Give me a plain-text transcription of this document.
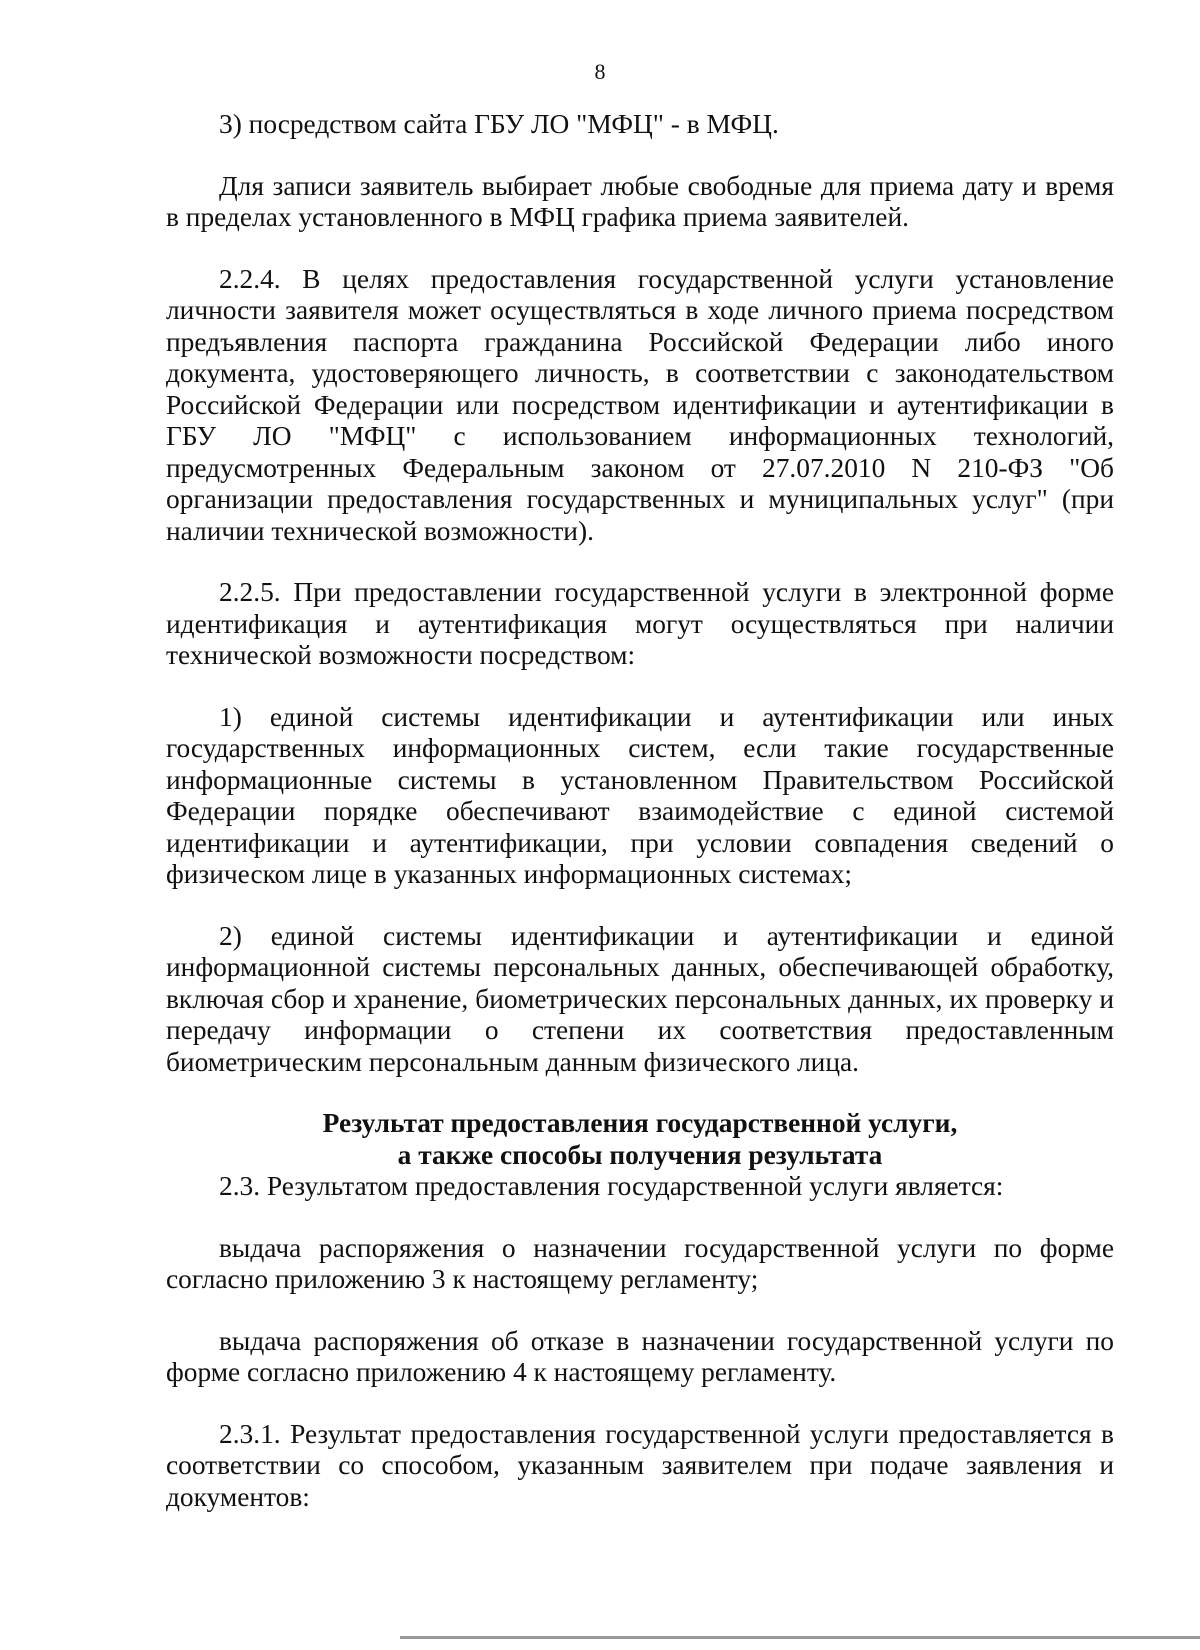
8

3) посредством сайта ГБУ ЛО "МФЦ" - в МФЦ.

Для записи заявитель выбирает любые свободные для приема дату и время в пределах установленного в МФЦ графика приема заявителей.

2.2.4. В целях предоставления государственной услуги установление личности заявителя может осуществляться в ходе личного приема посредством предъявления паспорта гражданина Российской Федерации либо иного документа, удостоверяющего личность, в соответствии с законодательством Российской Федерации или посредством идентификации и аутентификации в ГБУ ЛО "МФЦ" с использованием информационных технологий, предусмотренных Федеральным законом от 27.07.2010 N 210-ФЗ "Об организации предоставления государственных и муниципальных услуг" (при наличии технической возможности).

2.2.5. При предоставлении государственной услуги в электронной форме идентификация и аутентификация могут осуществляться при наличии технической возможности посредством:

1) единой системы идентификации и аутентификации или иных государственных информационных систем, если такие государственные информационные системы в установленном Правительством Российской Федерации порядке обеспечивают взаимодействие с единой системой идентификации и аутентификации, при условии совпадения сведений о физическом лице в указанных информационных системах;

2) единой системы идентификации и аутентификации и единой информационной системы персональных данных, обеспечивающей обработку, включая сбор и хранение, биометрических персональных данных, их проверку и передачу информации о степени их соответствия предоставленным биометрическим персональным данным физического лица.

Результат предоставления государственной услуги,
а также способы получения результата

2.3. Результатом предоставления государственной услуги является:

выдача распоряжения о назначении государственной услуги по форме согласно приложению 3 к настоящему регламенту;

выдача распоряжения об отказе в назначении государственной услуги по форме согласно приложению 4 к настоящему регламенту.

2.3.1. Результат предоставления государственной услуги предоставляется в соответствии со способом, указанным заявителем при подаче заявления и документов:
